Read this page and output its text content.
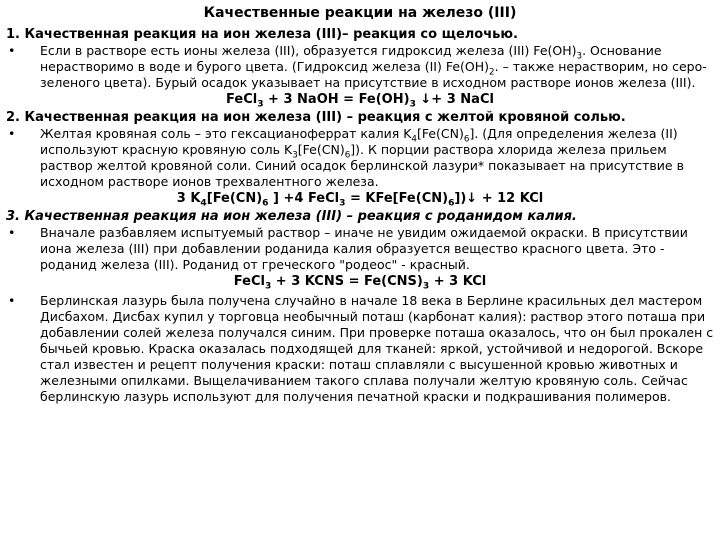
Качественные реакции на железо (III)
1. Качественная реакция на ион железа (III)– реакция со щелочью.
• Если в растворе есть ионы железа (III), образуется гидроксид железа (III) $Fe(OH)_3$. Основание нерастворимо в воде и бурого цвета. (Гидроксид железа (II) $Fe(OH)_2$. – также нерастворим, но серо-зеленого цвета). Бурый осадок указывает на присутствие в исходном растворе ионов железа (III).
FeCl$_3$ + 3 NaOH = $Fe(OH)_3$ ↓+ 3 NaCl
2. Качественная реакция на ион железа (III) – реакция с желтой кровяной солью.
• Желтая кровяная соль – это гексацианоферрат калия $K_4[Fe(CN)_6]$. (Для определения железа (II) используют красную кровяную соль $K_3[Fe(CN)_6]$). К порции раствора хлорида железа прильем раствор желтой кровяной соли. Синий осадок берлинской лазури* показывает на присутствие в исходном растворе ионов трехвалентного железа.
3 $K_4[Fe(CN)_6$ ] +4 FeCl$_3$ = $KFe[Fe(CN)_6])↓ + 12$ KCl
3. Качественная реакция на ион железа (III) – реакция с роданидом калия.
• Вначале разбавляем испытуемый раствор – иначе не увидим ожидаемой окраски. В присутствии иона железа (III) при добавлении роданида калия образуется вещество красного цвета. Это ‐ роданид железа (III). Роданид от греческого "родеос" - красный.
FeCl$_3$ + 3 KCNS = $Fe(CNS)_3 + 3$ KCl
• Берлинская лазурь была получена случайно в начале 18 века в Берлине красильных дел мастером Дисбахом. Дисбах купил у торговца необычный поташ (карбонат калия): раствор этого поташа при добавлении солей железа получался синим. При проверке поташа оказалось, что он был прокален с бычьей кровью. Краска оказалась подходящей для тканей: яркой, устойчивой и недорогой. Вскоре стал известен и рецепт получения краски: поташ сплавляли с высушенной кровью животных и железными опилками. Выщелачиванием такого сплава получали желтую кровяную соль. Сейчас берлинскую лазурь используют для получения печатной краски и подкрашивания полимеров.
